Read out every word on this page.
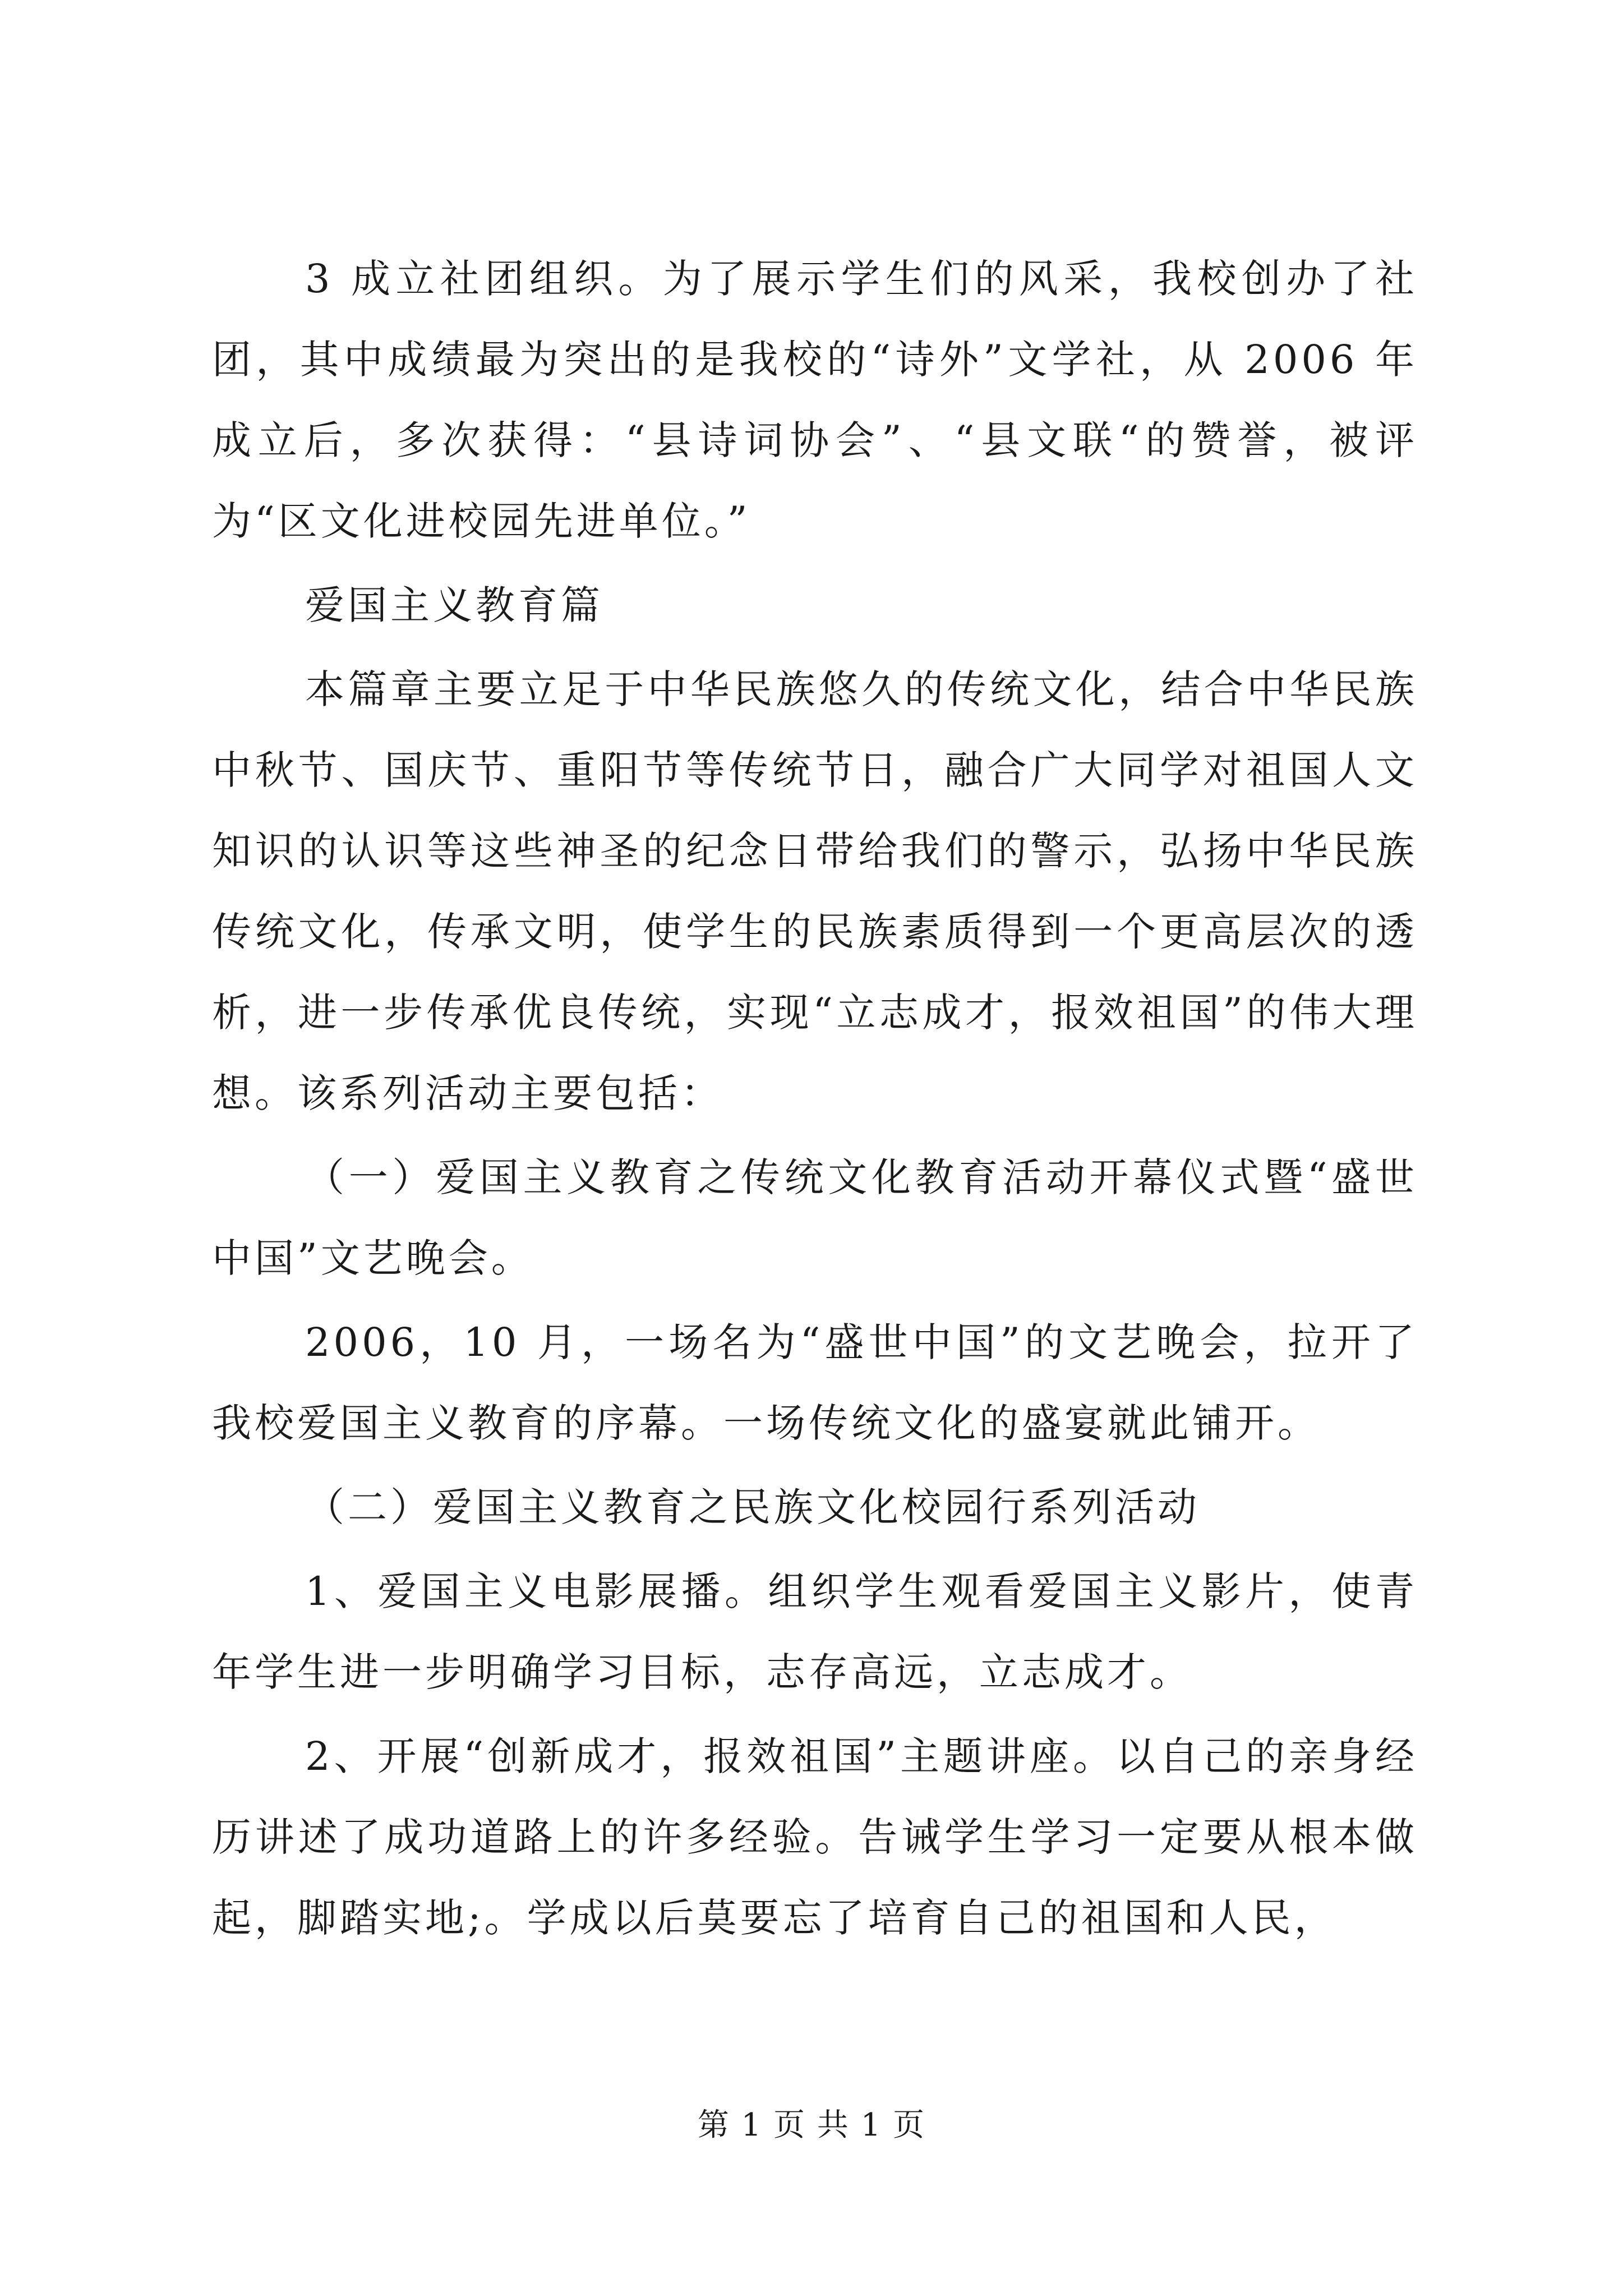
3 成立社团组织。为了展示学生们的风采，我校创办了社团，其中成绩最为突出的是我校的“诗外”文学社，从 2006 年成立后，多次获得：“县诗词协会”、“县文联“的赞誉，被评为“区文化进校园先进单位。”

爱国主义教育篇

本篇章主要立足于中华民族悠久的传统文化，结合中华民族中秋节、国庆节、重阳节等传统节日，融合广大同学对祖国人文知识的认识等这些神圣的纪念日带给我们的警示，弘扬中华民族传统文化，传承文明，使学生的民族素质得到一个更高层次的透析，进一步传承优良传统，实现“立志成才，报效祖国”的伟大理想。该系列活动主要包括：

（一）爱国主义教育之传统文化教育活动开幕仪式暨“盛世中国”文艺晚会。

2006，10 月，一场名为“盛世中国”的文艺晚会，拉开了我校爱国主义教育的序幕。一场传统文化的盛宴就此铺开。

（二）爱国主义教育之民族文化校园行系列活动

1、爱国主义电影展播。组织学生观看爱国主义影片，使青年学生进一步明确学习目标，志存高远，立志成才。

2、开展“创新成才，报效祖国”主题讲座。以自己的亲身经历讲述了成功道路上的许多经验。告诫学生学习一定要从根本做起，脚踏实地;。学成以后莫要忘了培育自己的祖国和人民，

第 1 页 共 1 页
